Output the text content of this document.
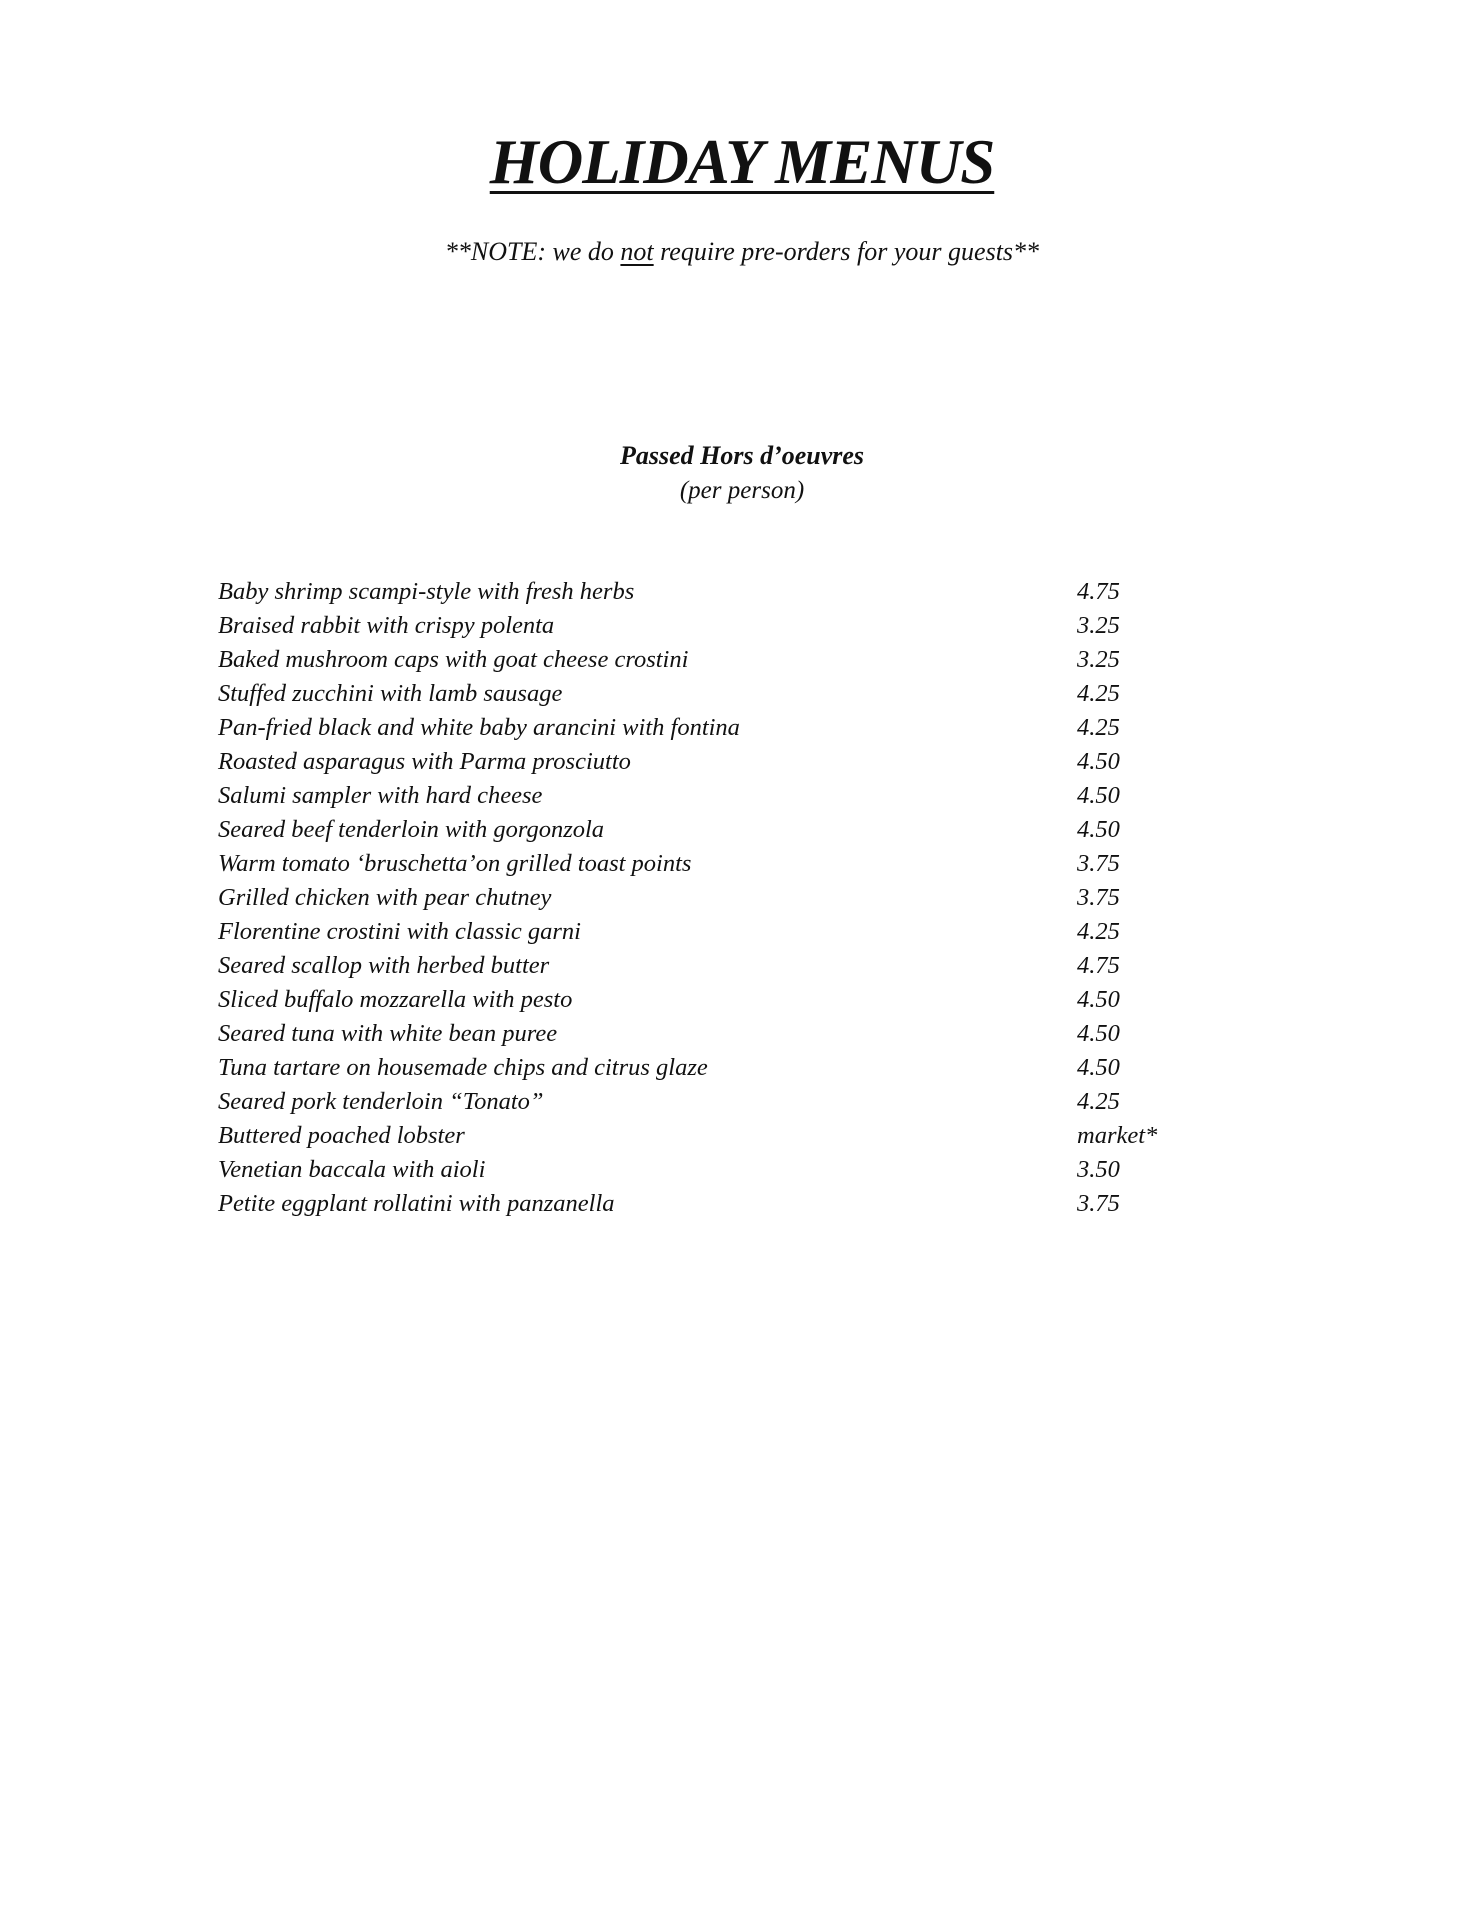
HOLIDAY MENUS
**NOTE: we do not require pre-orders for your guests**
Passed Hors d’oeuvres
(per person)
Baby shrimp scampi-style with fresh herbs	4.75
Braised rabbit with crispy polenta	3.25
Baked mushroom caps with goat cheese crostini	3.25
Stuffed zucchini with lamb sausage	4.25
Pan-fried black and white baby arancini with fontina	4.25
Roasted asparagus with Parma prosciutto	4.50
Salumi sampler with hard cheese	4.50
Seared beef tenderloin with gorgonzola	4.50
Warm tomato ‘bruschetta’on grilled toast points	3.75
Grilled chicken with pear chutney	3.75
Florentine crostini with classic garni	4.25
Seared scallop with herbed butter	4.75
Sliced buffalo mozzarella with pesto	4.50
Seared tuna with white bean puree	4.50
Tuna tartare on housemade chips and citrus glaze	4.50
Seared pork tenderloin “Tonato”	4.25
Buttered poached lobster	market*
Venetian baccala with aioli	3.50
Petite eggplant rollatini with panzanella	3.75
